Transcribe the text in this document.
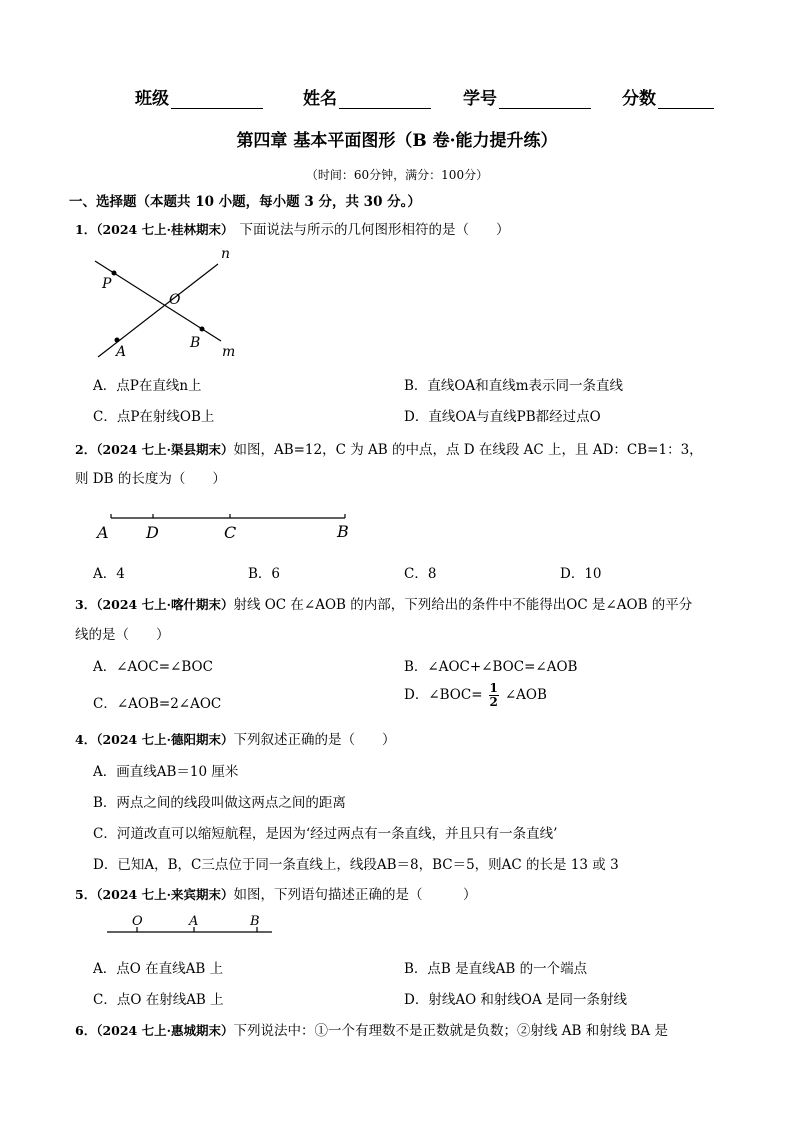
班级	姓名	学号	分数
第四章 基本平面图形（B 卷·能力提升练）
（时间：60分钟，满分：100分）
一、选择题（本题共 10 小题，每小题 3 分，共 30 分。）
1．（2024 七上·桂林期末） 下面说法与所示的几何图形相符的是（　　）
n
P
O
A
B
m
A．点P在直线n上	B．直线OA和直线m表示同一条直线
C．点P在射线OB上	D．直线OA与直线PB都经过点O
2．（2024 七上·渠县期末）如图，AB=12，C 为 AB 的中点，点 D 在线段 AC 上，且 AD：CB=1：3，
则 DB 的长度为（　　）
A D	C	B
A．4	B．6	C．8	D．10
3．（2024 七上·喀什期末）射线 OC 在∠AOB 的内部，下列给出的条件中不能得出OC 是∠AOB 的平分
线的是（　　）
A．∠AOC=∠BOC	B．∠AOC+∠BOC=∠AOB
C．∠AOB=2∠AOC
D．∠BOC= $\frac{1}{2}$ ∠AOB
4．（2024 七上·德阳期末）下列叙述正确的是（　　）
A．画直线AB＝10 厘米
B．两点之间的线段叫做这两点之间的距离
C．河道改直可以缩短航程，是因为‘经过两点有一条直线，并且只有一条直线’
D．已知A，B，C三点位于同一条直线上，线段AB＝8，BC＝5，则AC 的长是 13 或 3
5．（2024 七上·来宾期末）如图，下列语句描述正确的是（　　　）
O	A	B
A．点O 在直线AB 上	B．点B 是直线AB 的一个端点
C．点O 在射线AB 上	D．射线AO 和射线OA 是同一条射线
6．（2024 七上·惠城期末）下列说法中：①一个有理数不是正数就是负数；②射线 AB 和射线 BA 是
